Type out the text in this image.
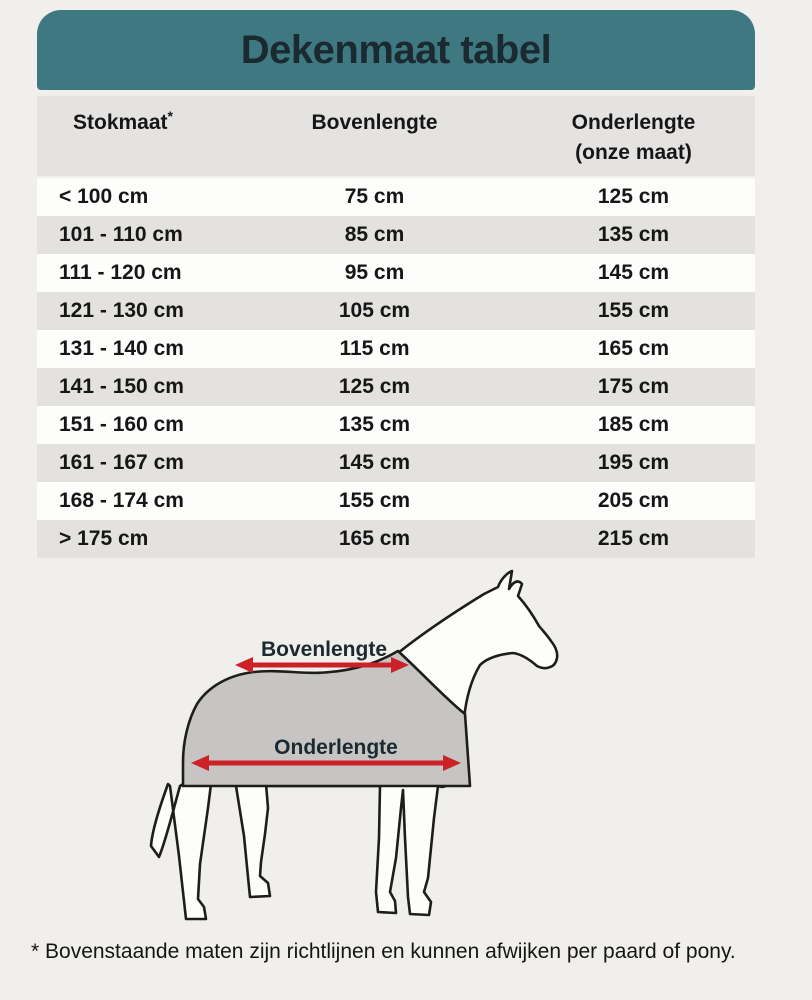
Dekenmaat tabel
Stokmaat*	Bovenlengte	Onderlengte
(onze maat)
< 100 cm	75 cm	125 cm
101 - 110 cm	85 cm	135 cm
111 - 120 cm	95 cm	145 cm
121 - 130 cm	105 cm	155 cm
131 - 140 cm	115 cm	165 cm
141 - 150 cm	125 cm	175 cm
151 - 160 cm	135 cm	185 cm
161 - 167 cm	145 cm	195 cm
168 - 174 cm	155 cm	205 cm
> 175 cm	165 cm	215 cm
Bovenlengte
Onderlengte
* Bovenstaande maten zijn richtlijnen en kunnen afwijken per paard of pony.
